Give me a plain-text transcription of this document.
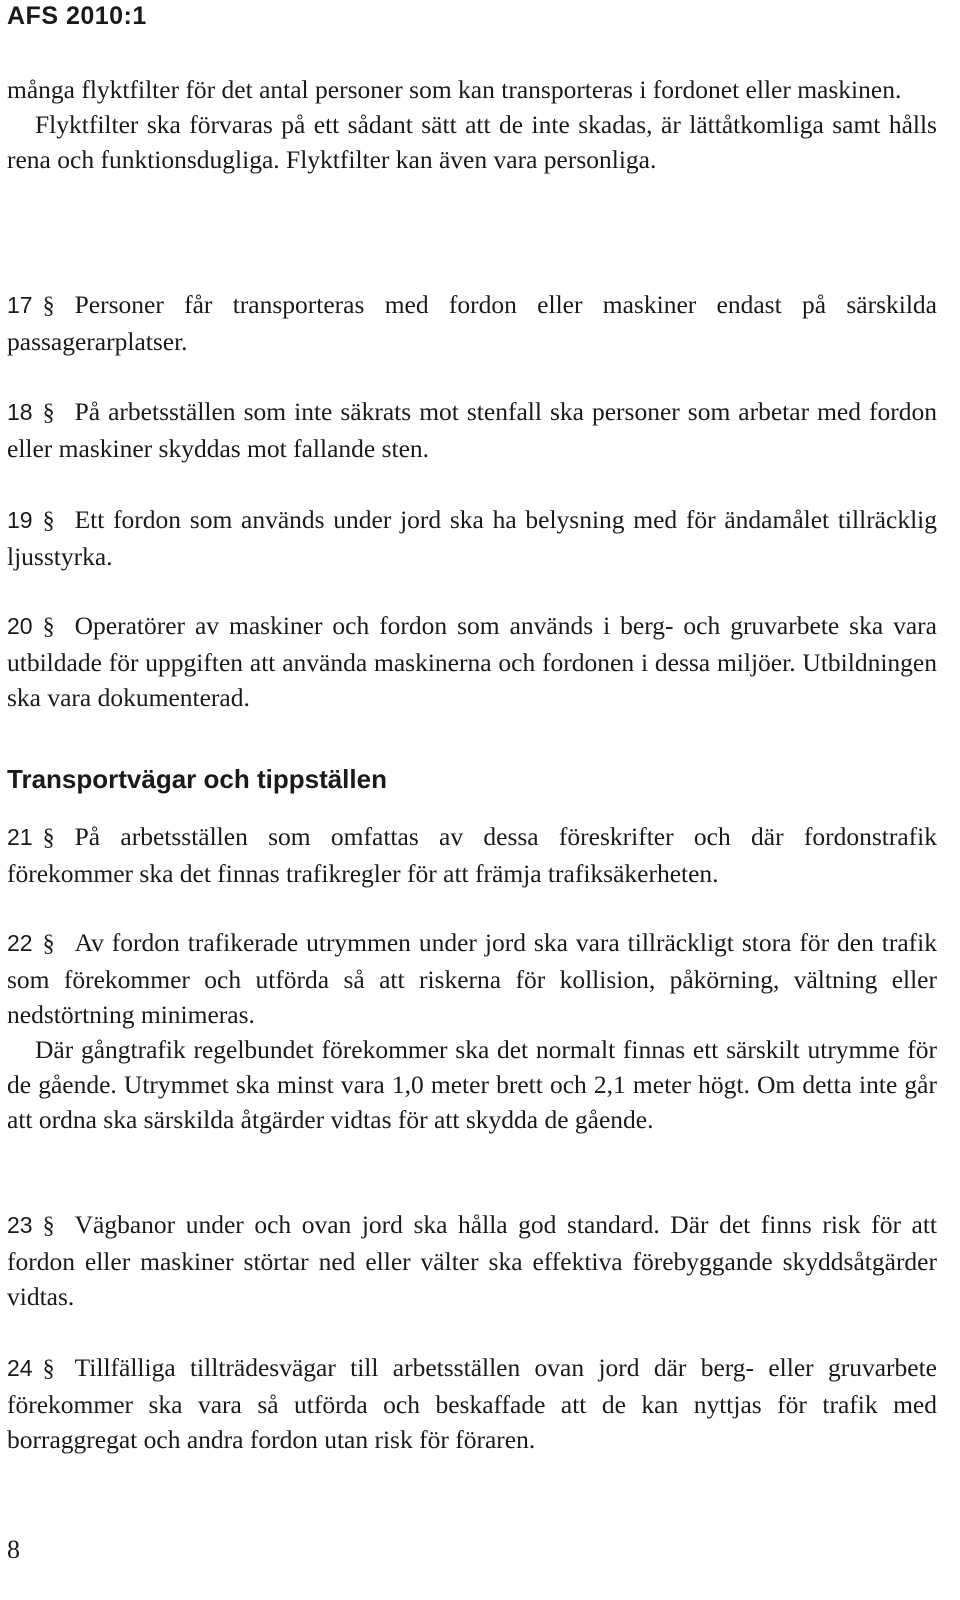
AFS 2010:1

många flyktfilter för det antal personer som kan transporteras i fordonet eller maskinen.

Flyktfilter ska förvaras på ett sådant sätt att de inte skadas, är lättåtkomliga samt hålls rena och funktionsdugliga. Flyktfilter kan även vara personliga.

17 § Personer får transporteras med fordon eller maskiner endast på särskilda passagerarplatser.

18 § På arbetsställen som inte säkrats mot stenfall ska personer som arbetar med fordon eller maskiner skyddas mot fallande sten.

19 § Ett fordon som används under jord ska ha belysning med för ändamålet tillräcklig ljusstyrka.

20 § Operatörer av maskiner och fordon som används i berg- och gruvarbete ska vara utbildade för uppgiften att använda maskinerna och fordonen i dessa miljöer. Utbildningen ska vara dokumenterad.

Transportvägar och tippställen

21 § På arbetsställen som omfattas av dessa föreskrifter och där fordonstrafik förekommer ska det finnas trafikregler för att främja trafiksäkerheten.

22 § Av fordon trafikerade utrymmen under jord ska vara tillräckligt stora för den trafik som förekommer och utförda så att riskerna för kollision, påkörning, vältning eller nedstörtning minimeras.

Där gångtrafik regelbundet förekommer ska det normalt finnas ett särskilt utrymme för de gående. Utrymmet ska minst vara 1,0 meter brett och 2,1 meter högt. Om detta inte går att ordna ska särskilda åtgärder vidtas för att skydda de gående.

23 § Vägbanor under och ovan jord ska hålla god standard. Där det finns risk för att fordon eller maskiner störtar ned eller välter ska effektiva förebyggande skyddsåtgärder vidtas.

24 § Tillfälliga tillträdesvägar till arbetsställen ovan jord där berg- eller gruvarbete förekommer ska vara så utförda och beskaffade att de kan nyttjas för trafik med borraggregat och andra fordon utan risk för föraren.

8
